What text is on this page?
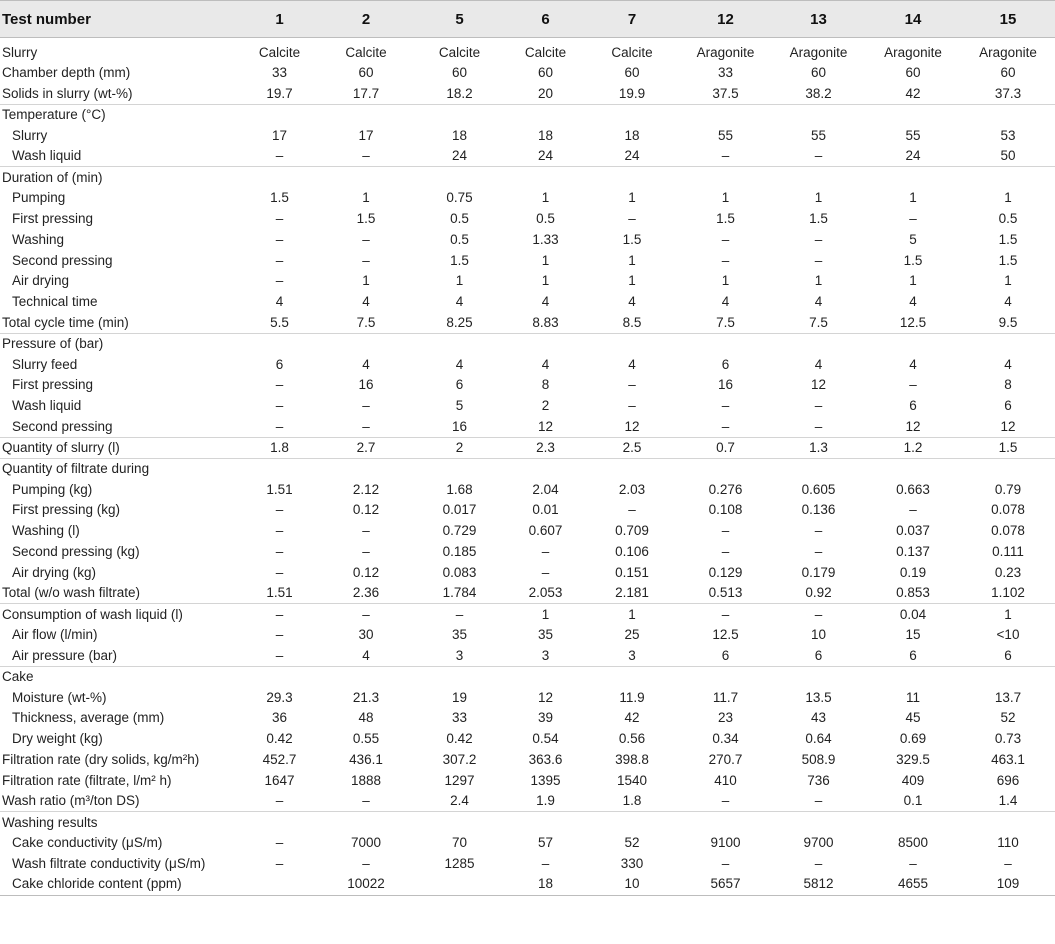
Test number	1	2	5	6	7	12	13	14	15
Slurry	Calcite	Calcite	Calcite	Calcite	Calcite	Aragonite	Aragonite	Aragonite	Aragonite
Chamber depth (mm)	33	60	60	60	60	33	60	60	60
Solids in slurry (wt-%)	19.7	17.7	18.2	20	19.9	37.5	38.2	42	37.3
Temperature (°C)									
Slurry	17	17	18	18	18	55	55	55	53
Wash liquid	–	–	24	24	24	–	–	24	50
Duration of (min)									
Pumping	1.5	1	0.75	1	1	1	1	1	1
First pressing	–	1.5	0.5	0.5	–	1.5	1.5	–	0.5
Washing	–	–	0.5	1.33	1.5	–	–	5	1.5
Second pressing	–	–	1.5	1	1	–	–	1.5	1.5
Air drying	–	1	1	1	1	1	1	1	1
Technical time	4	4	4	4	4	4	4	4	4
Total cycle time (min)	5.5	7.5	8.25	8.83	8.5	7.5	7.5	12.5	9.5
Pressure of (bar)									
Slurry feed	6	4	4	4	4	6	4	4	4
First pressing	–	16	6	8	–	16	12	–	8
Wash liquid	–	–	5	2	–	–	–	6	6
Second pressing	–	–	16	12	12	–	–	12	12
Quantity of slurry (l)	1.8	2.7	2	2.3	2.5	0.7	1.3	1.2	1.5
Quantity of filtrate during									
Pumping (kg)	1.51	2.12	1.68	2.04	2.03	0.276	0.605	0.663	0.79
First pressing (kg)	–	0.12	0.017	0.01	–	0.108	0.136	–	0.078
Washing (l)	–	–	0.729	0.607	0.709	–	–	0.037	0.078
Second pressing (kg)	–	–	0.185	–	0.106	–	–	0.137	0.111
Air drying (kg)	–	0.12	0.083	–	0.151	0.129	0.179	0.19	0.23
Total (w/o wash filtrate)	1.51	2.36	1.784	2.053	2.181	0.513	0.92	0.853	1.102
Consumption of wash liquid (l)	–	–	–	1	1	–	–	0.04	1
Air flow (l/min)	–	30	35	35	25	12.5	10	15	<10
Air pressure (bar)	–	4	3	3	3	6	6	6	6
Cake									
Moisture (wt-%)	29.3	21.3	19	12	11.9	11.7	13.5	11	13.7
Thickness, average (mm)	36	48	33	39	42	23	43	45	52
Dry weight (kg)	0.42	0.55	0.42	0.54	0.56	0.34	0.64	0.69	0.73
Filtration rate (dry solids, kg/m²h)	452.7	436.1	307.2	363.6	398.8	270.7	508.9	329.5	463.1
Filtration rate (filtrate, l/m² h)	1647	1888	1297	1395	1540	410	736	409	696
Wash ratio (m³/ton DS)	–	–	2.4	1.9	1.8	–	–	0.1	1.4
Washing results									
Cake conductivity (μS/m)	–	7000	70	57	52	9100	9700	8500	110
Wash filtrate conductivity (μS/m)	–	–	1285	–	330	–	–	–	–
Cake chloride content (ppm)		10022		18	10	5657	5812	4655	109
